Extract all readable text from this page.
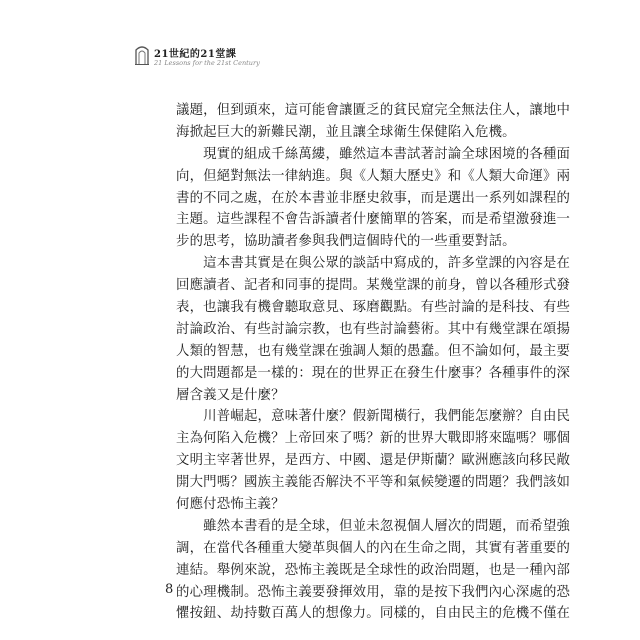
21世紀的21堂課
21 Lessons for the 21st Century
議題，但到頭來，這可能會讓匱乏的貧民窟完全無法住人，讓地中
海掀起巨大的新難民潮，並且讓全球衛生保健陷入危機。
　　現實的組成千絲萬縷，雖然這本書試著討論全球困境的各種面
向，但絕對無法一律納進。與《人類大歷史》和《人類大命運》兩
書的不同之處，在於本書並非歷史敘事，而是選出一系列如課程的
主題。這些課程不會告訴讀者什麼簡單的答案，而是希望激發進一
步的思考，協助讀者參與我們這個時代的一些重要對話。
　　這本書其實是在與公眾的談話中寫成的，許多堂課的內容是在
回應讀者、記者和同事的提問。某幾堂課的前身，曾以各種形式發
表，也讓我有機會聽取意見、琢磨觀點。有些討論的是科技、有些
討論政治、有些討論宗教，也有些討論藝術。其中有幾堂課在頌揚
人類的智慧，也有幾堂課在強調人類的愚蠢。但不論如何，最主要
的大問題都是一樣的：現在的世界正在發生什麼事？各種事件的深
層含義又是什麼？
　　川普崛起，意味著什麼？假新聞橫行，我們能怎麼辦？自由民
主為何陷入危機？上帝回來了嗎？新的世界大戰即將來臨嗎？哪個
文明主宰著世界，是西方、中國、還是伊斯蘭？歐洲應該向移民敞
開大門嗎？國族主義能否解決不平等和氣候變遷的問題？我們該如
何應付恐怖主義？
　　雖然本書看的是全球，但並未忽視個人層次的問題，而希望強
調，在當代各種重大變革與個人的內在生命之間，其實有著重要的
連結。舉例來說，恐怖主義既是全球性的政治問題，也是一種內部
的心理機制。恐怖主義要發揮效用，靠的是按下我們內心深處的恐
懼按鈕、劫持數百萬人的想像力。同樣的，自由民主的危機不僅在
8
